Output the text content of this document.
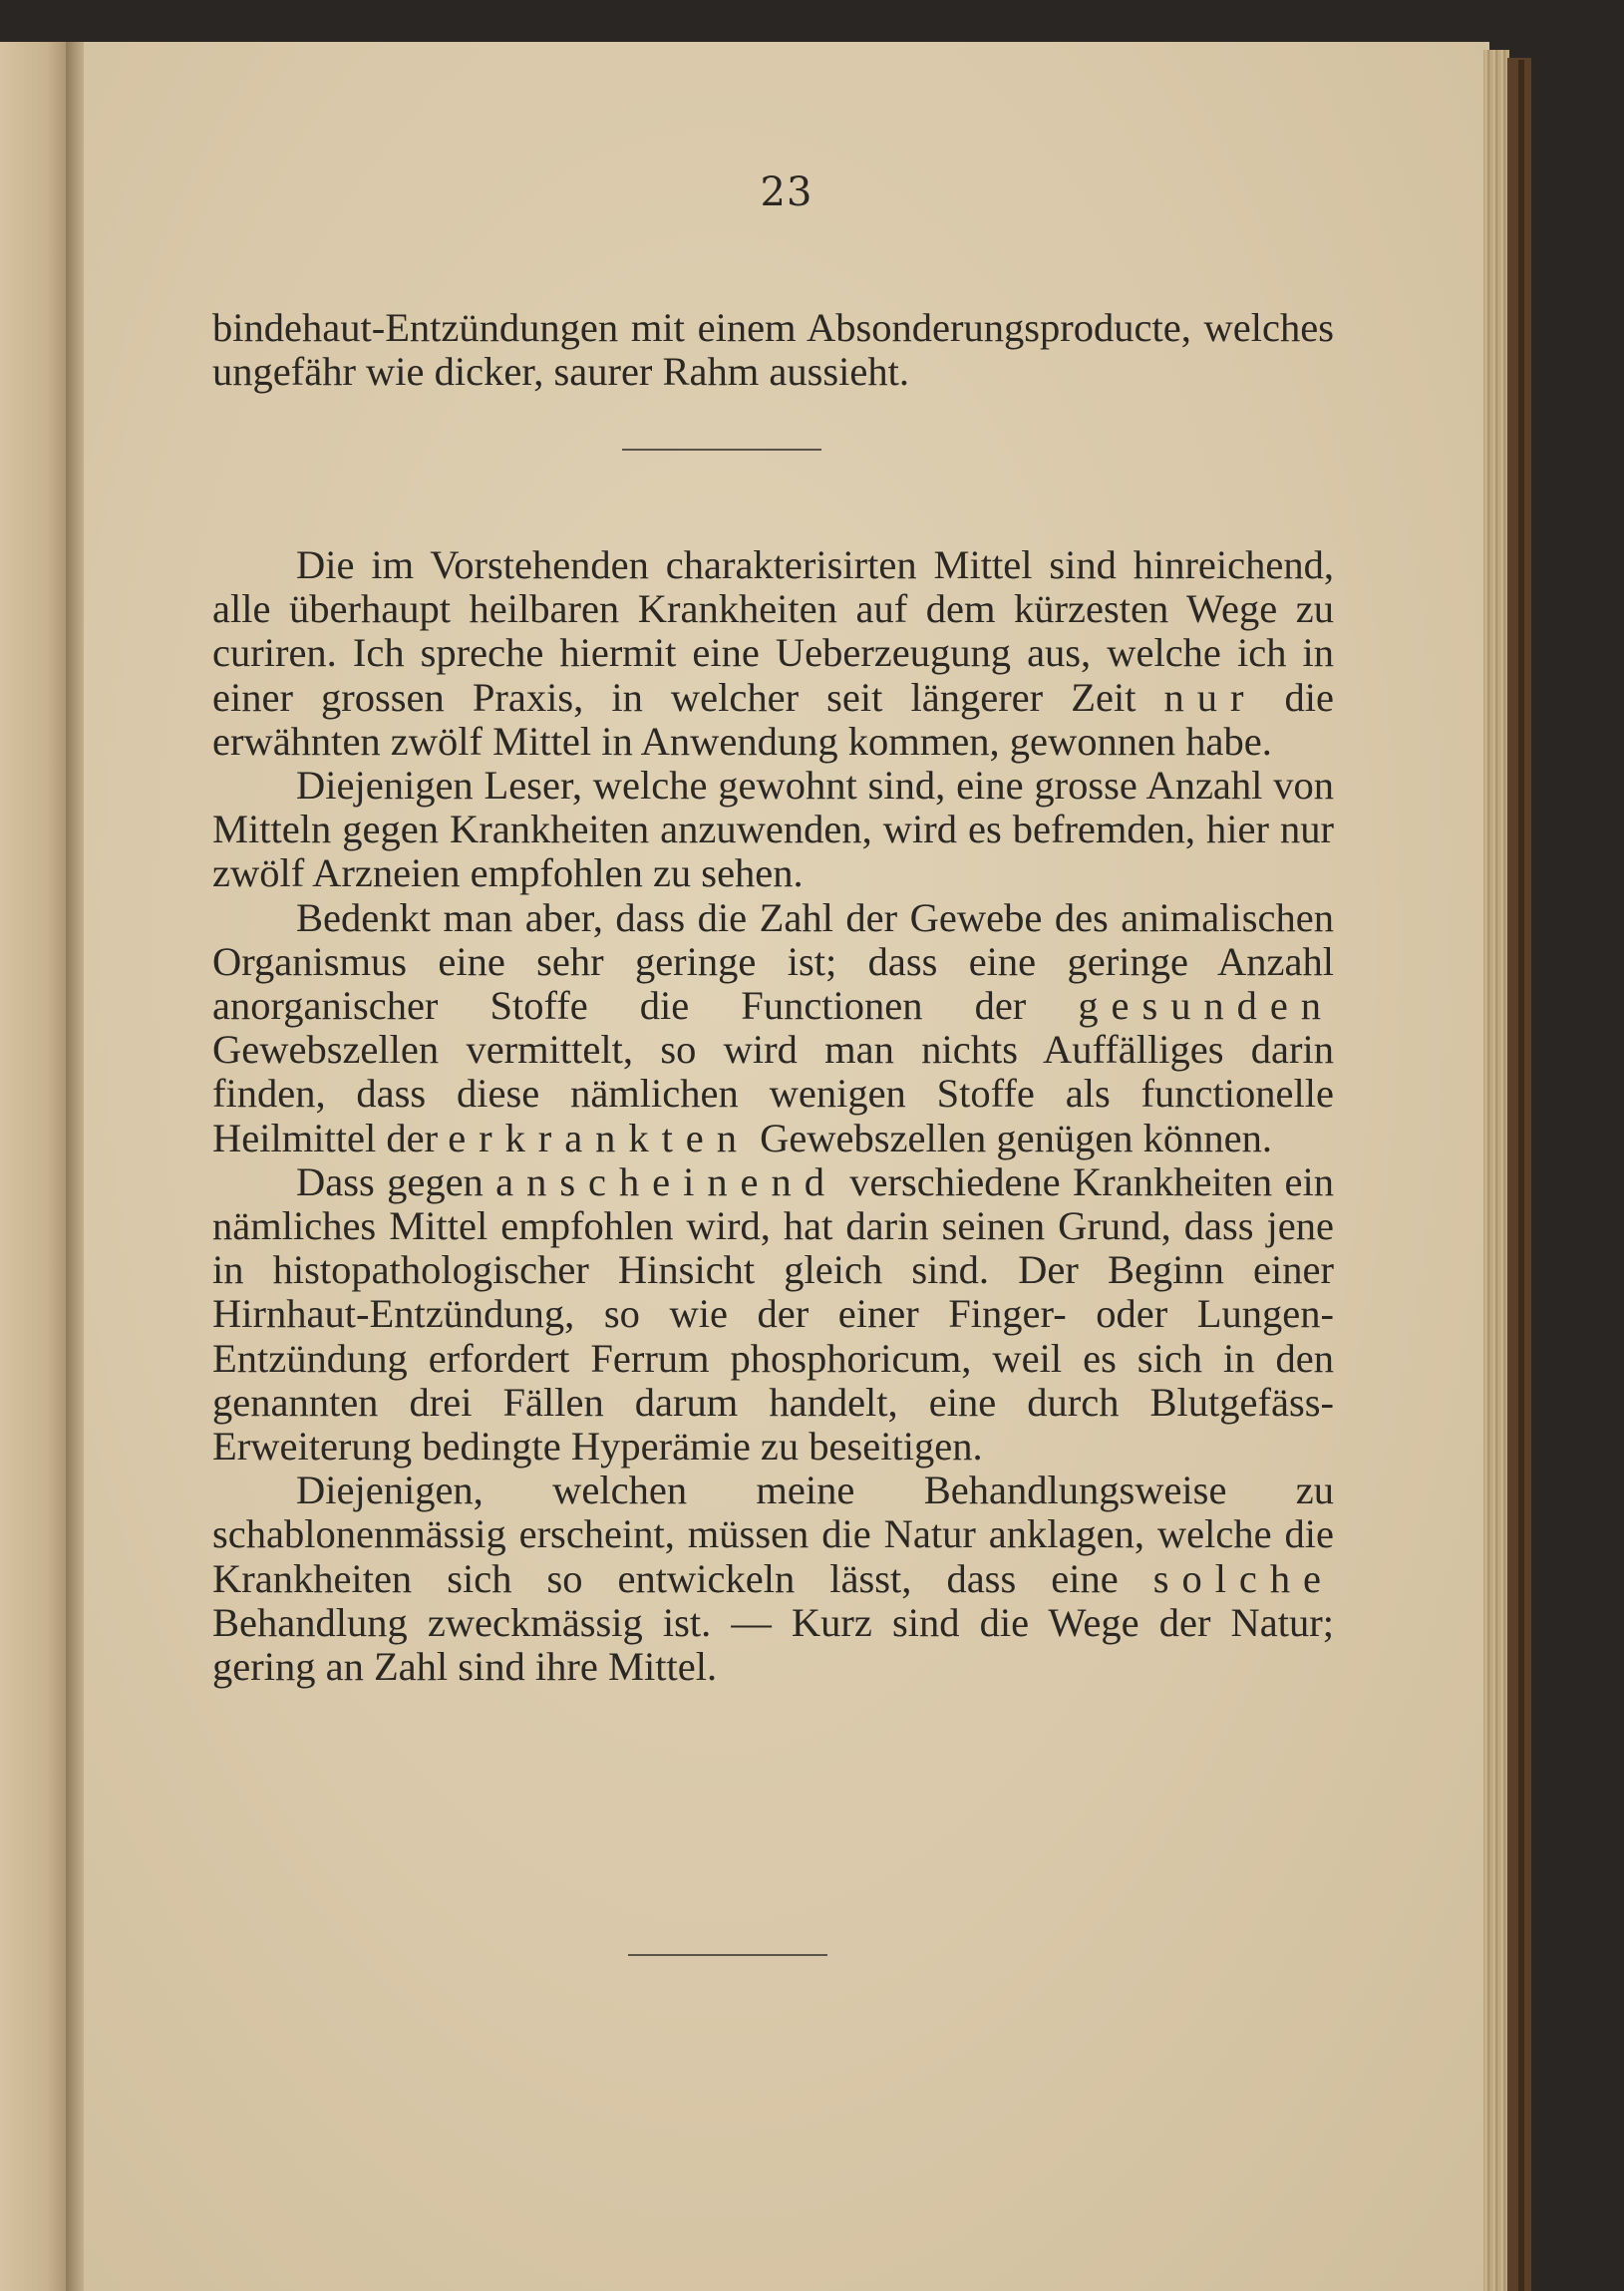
23

bindehaut-Entzündungen mit einem Absonderungsproducte, welches ungefähr wie dicker, saurer Rahm aussieht.

Die im Vorstehenden charakterisirten Mittel sind hinreichend, alle überhaupt heilbaren Krankheiten auf dem kürzesten Wege zu curiren. Ich spreche hiermit eine Ueberzeugung aus, welche ich in einer grossen Praxis, in welcher seit längerer Zeit nur die erwähnten zwölf Mittel in Anwendung kommen, gewonnen habe.

Diejenigen Leser, welche gewohnt sind, eine grosse Anzahl von Mitteln gegen Krankheiten anzuwenden, wird es befremden, hier nur zwölf Arzneien empfohlen zu sehen.

Bedenkt man aber, dass die Zahl der Gewebe des animalischen Organismus eine sehr geringe ist; dass eine geringe Anzahl anorganischer Stoffe die Functionen der gesunden Gewebszellen vermittelt, so wird man nichts Auffälliges darin finden, dass diese nämlichen wenigen Stoffe als functionelle Heilmittel der erkrankten Gewebszellen genügen können.

Dass gegen anscheinend verschiedene Krankheiten ein nämliches Mittel empfohlen wird, hat darin seinen Grund, dass jene in histopathologischer Hinsicht gleich sind. Der Beginn einer Hirnhaut-Entzündung, so wie der einer Finger- oder Lungen-Entzündung erfordert Ferrum phosphoricum, weil es sich in den genannten drei Fällen darum handelt, eine durch Blutgefäss-Erweiterung bedingte Hyperämie zu beseitigen.

Diejenigen, welchen meine Behandlungsweise zu schablonenmässig erscheint, müssen die Natur anklagen, welche die Krankheiten sich so entwickeln lässt, dass eine solche Behandlung zweckmässig ist. — Kurz sind die Wege der Natur; gering an Zahl sind ihre Mittel.
